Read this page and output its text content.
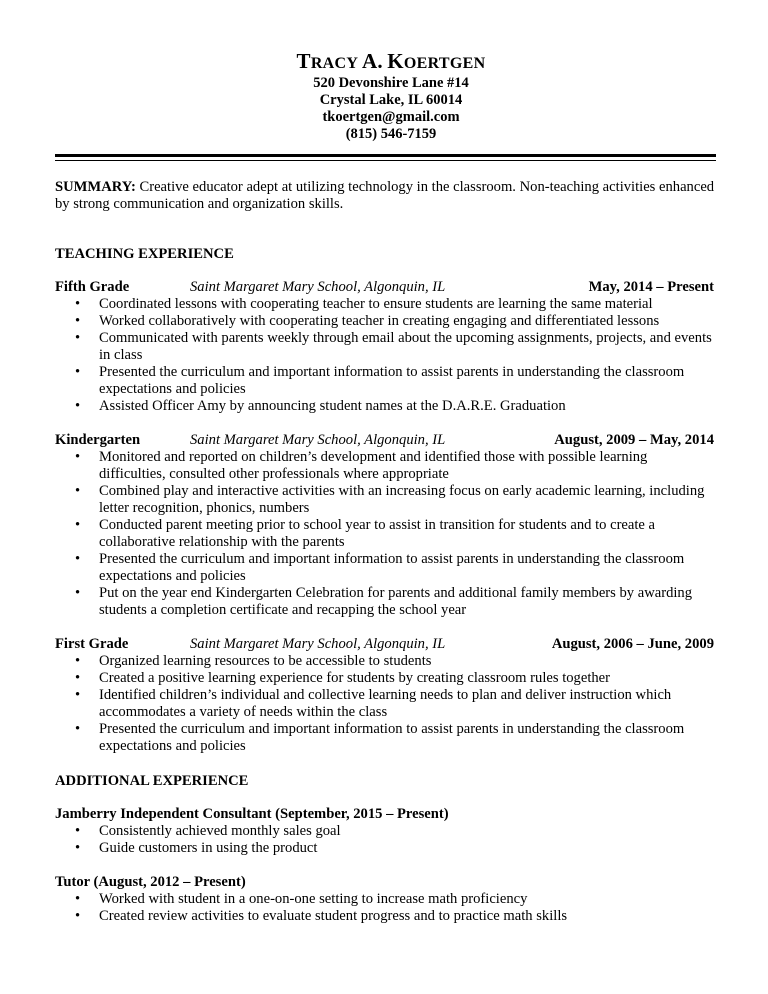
TRACY A. KOERTGEN
520 Devonshire Lane #14
Crystal Lake, IL 60014
tkoertgen@gmail.com
(815) 546-7159

SUMMARY: Creative educator adept at utilizing technology in the classroom. Non-teaching activities enhanced by strong communication and organization skills.

TEACHING EXPERIENCE
Fifth Grade	Saint Margaret Mary School, Algonquin, IL	May, 2014 – Present
• Coordinated lessons with cooperating teacher to ensure students are learning the same material
• Worked collaboratively with cooperating teacher in creating engaging and differentiated lessons
• Communicated with parents weekly through email about the upcoming assignments, projects, and events in class
• Presented the curriculum and important information to assist parents in understanding the classroom expectations and policies
• Assisted Officer Amy by announcing student names at the D.A.R.E. Graduation
Kindergarten	Saint Margaret Mary School, Algonquin, IL	August, 2009 – May, 2014
• Monitored and reported on children’s development and identified those with possible learning difficulties, consulted other professionals where appropriate
• Combined play and interactive activities with an increasing focus on early academic learning, including letter recognition, phonics, numbers
• Conducted parent meeting prior to school year to assist in transition for students and to create a collaborative relationship with the parents
• Presented the curriculum and important information to assist parents in understanding the classroom expectations and policies
• Put on the year end Kindergarten Celebration for parents and additional family members by awarding students a completion certificate and recapping the school year
First Grade	Saint Margaret Mary School, Algonquin, IL	August, 2006 – June, 2009
• Organized learning resources to be accessible to students
• Created a positive learning experience for students by creating classroom rules together
• Identified children’s individual and collective learning needs to plan and deliver instruction which accommodates a variety of needs within the class
• Presented the curriculum and important information to assist parents in understanding the classroom expectations and policies
ADDITIONAL EXPERIENCE
Jamberry Independent Consultant (September, 2015 – Present)
• Consistently achieved monthly sales goal
• Guide customers in using the product
Tutor (August, 2012 – Present)
• Worked with student in a one-on-one setting to increase math proficiency
• Created review activities to evaluate student progress and to practice math skills
